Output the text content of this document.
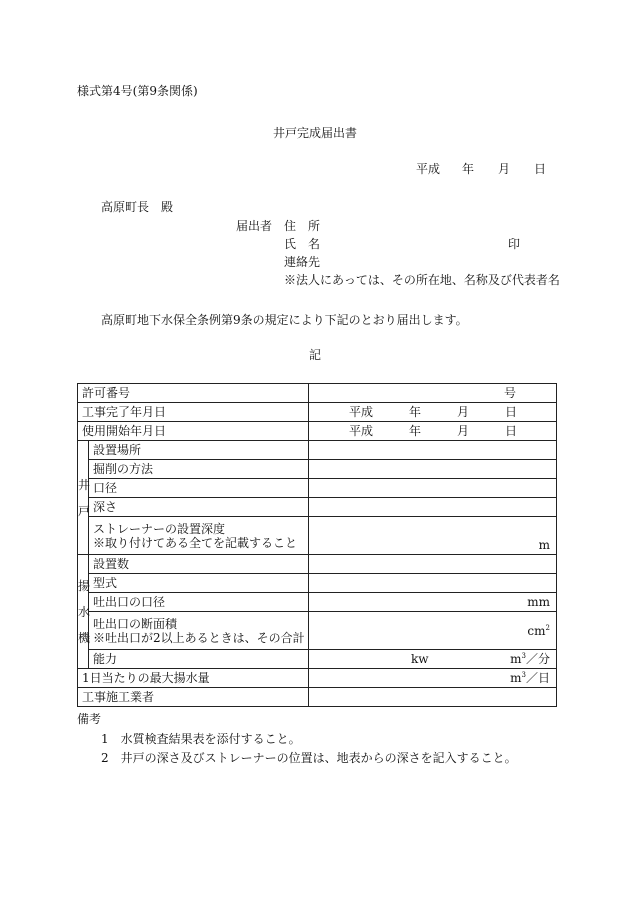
様式第4号(第9条関係)
井戸完成届出書
平成 年 月 日
高原町長　殿
届出者 住　所
氏　名	印
連絡先
※法人にあっては、その所在地、名称及び代表者名
高原町地下水保全条例第9条の規定により下記のとおり届出します。
記
許可番号		号

工事完了年月日		平成 年 月 日

使用開始年月日		平成 年 月 日

井
戸	設置場所	
	掘削の方法	
	口径	
	深さ	

	ストレーナーの設置深度
※取り付けてある全てを記載すること	m

揚
水
機	設置数	
	型式	
	吐出口の口径	mm

	吐出口の断面積
※吐出口が2以上あるときは、その合計	$cm^2$

	能力	kw $m^3/$分

1日当たりの最大揚水量		$m^3/$日

工事施工業者		
備考
1　 水質検査結果表を添付すること。
2　 井戸の深さ及びストレーナーの位置は、地表からの深さを記入すること。
